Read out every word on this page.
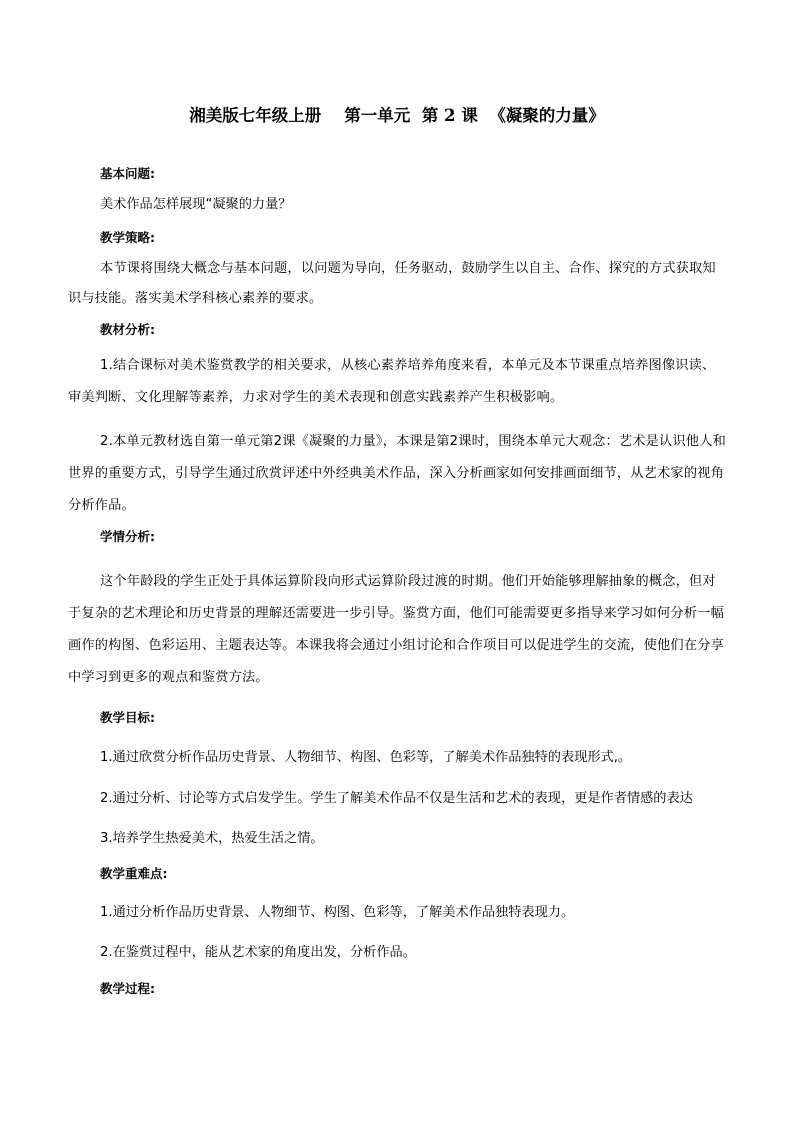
湘美版七年级上册    第一单元  第 2 课  《凝聚的力量》
基本问题:
美术作品怎样展现“凝聚的力量？
教学策略:
本节课将围绕大概念与基本问题，以问题为导向，任务驱动，鼓励学生以自主、合作、探究的方式获取知识与技能。落实美术学科核心素养的要求。
教材分析:
1.结合课标对美术鉴赏教学的相关要求，从核心素养培养角度来看，本单元及本节课重点培养图像识读、审美判断、文化理解等素养，力求对学生的美术表现和创意实践素养产生积极影响。
2.本单元教材选自第一单元第2课《凝聚的力量》，本课是第2课时，围绕本单元大观念：艺术是认识他人和世界的重要方式，引导学生通过欣赏评述中外经典美术作品，深入分析画家如何安排画面细节，从艺术家的视角分析作品。
学情分析:
这个年龄段的学生正处于具体运算阶段向形式运算阶段过渡的时期。他们开始能够理解抽象的概念，但对于复杂的艺术理论和历史背景的理解还需要进一步引导。鉴赏方面，他们可能需要更多指导来学习如何分析一幅画作的构图、色彩运用、主题表达等。本课我将会通过小组讨论和合作项目可以促进学生的交流，使他们在分享中学习到更多的观点和鉴赏方法。
教学目标:
1.通过欣赏分析作品历史背景、人物细节、构图、色彩等，了解美术作品独特的表现形式,。
2.通过分析、讨论等方式启发学生。学生了解美术作品不仅是生活和艺术的表现，更是作者情感的表达
3.培养学生热爱美术，热爱生活之情。
教学重难点:
1.通过分析作品历史背景、人物细节、构图、色彩等，了解美术作品独特表现力。
2.在鉴赏过程中，能从艺术家的角度出发，分析作品。
教学过程:
